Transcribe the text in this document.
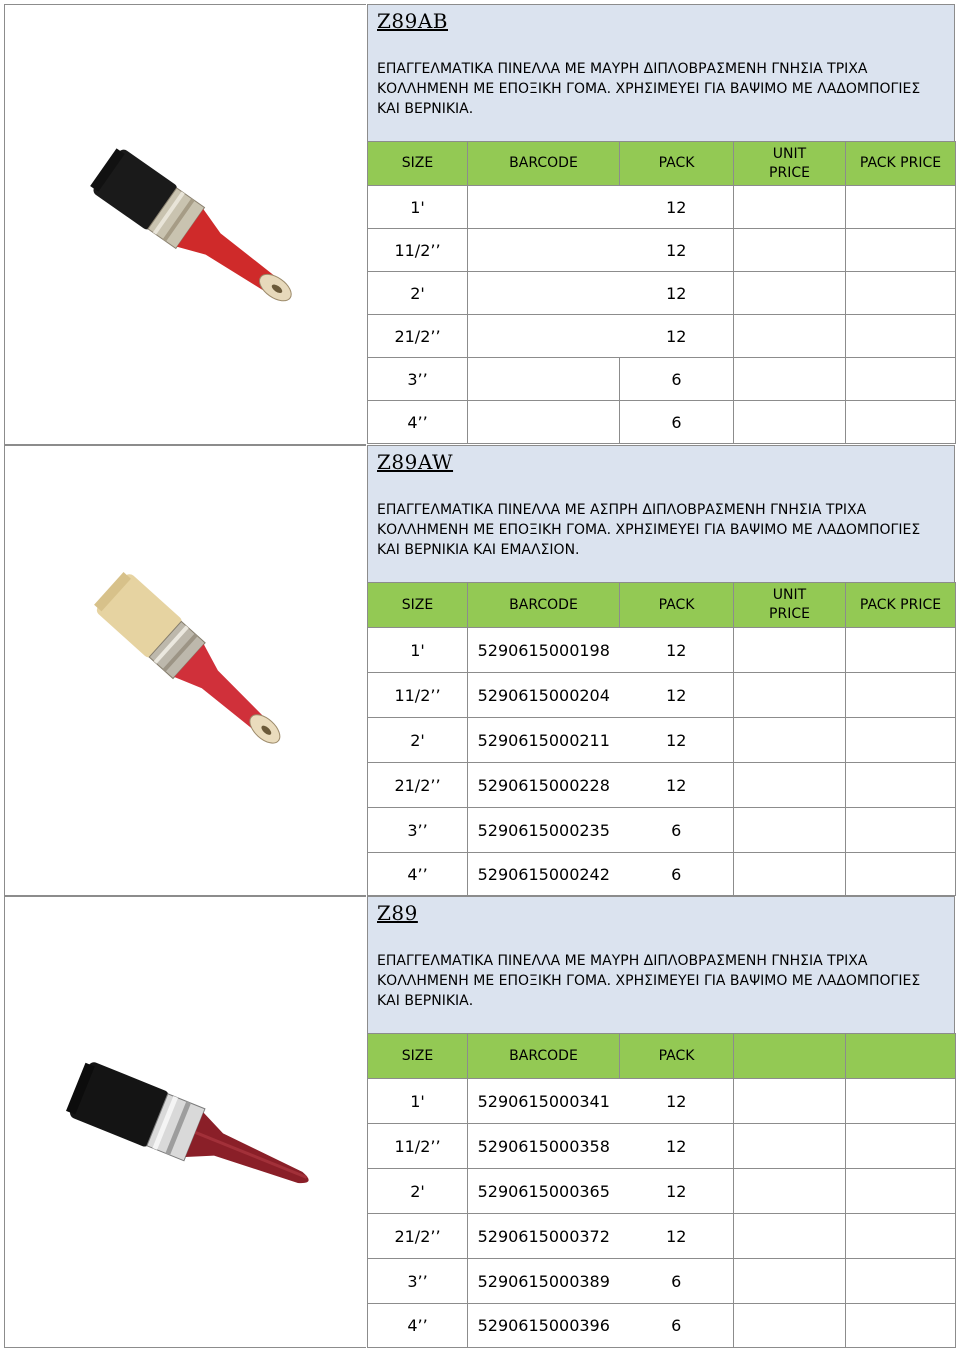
Z89AB
ΕΠΑΓΓΕΛΜΑΤΙΚΑ ΠΙΝΕΛΛΑ ΜΕ ΜΑΥΡΗ ΔΙΠΛΟΒΡΑΣΜΕΝΗ ΓΝΗΣΙΑ ΤΡΙΧΑ ΚΟΛΛΗΜΕΝΗ ΜΕ ΕΠΟΞΙΚΗ ΓΟΜΑ. ΧΡΗΣΙΜΕΥΕΙ ΓΙΑ ΒΑΨΙΜΟ ΜΕ ΛΑΔΟΜΠΟΓΙΕΣ ΚΑΙ ΒΕΡΝΙΚΙΑ.
SIZE	BARCODE	PACK	UNIT PRICE	PACK PRICE
1'		12		
11/2’’		12		
2'		12		
21/2’’		12		
3’’		6		
4’’		6		
Z89AW
ΕΠΑΓΓΕΛΜΑΤΙΚΑ ΠΙΝΕΛΛΑ ΜΕ ΑΣΠΡΗ ΔΙΠΛΟΒΡΑΣΜΕΝΗ ΓΝΗΣΙΑ ΤΡΙΧΑ ΚΟΛΛΗΜΕΝΗ ΜΕ ΕΠΟΞΙΚΗ ΓΟΜΑ. ΧΡΗΣΙΜΕΥΕΙ ΓΙΑ ΒΑΨΙΜΟ ΜΕ ΛΑΔΟΜΠΟΓΙΕΣ ΚΑΙ ΒΕΡΝΙΚΙΑ ΚΑΙ ΕΜΑΛΣΙΟΝ.
SIZE	BARCODE	PACK	UNIT PRICE	PACK PRICE
1'	5290615000198	12		
11/2’’	5290615000204	12		
2'	5290615000211	12		
21/2’’	5290615000228	12		
3’’	5290615000235	6		
4’’	5290615000242	6		
Z89
ΕΠΑΓΓΕΛΜΑΤΙΚΑ ΠΙΝΕΛΛΑ ΜΕ ΜΑΥΡΗ ΔΙΠΛΟΒΡΑΣΜΕΝΗ ΓΝΗΣΙΑ ΤΡΙΧΑ ΚΟΛΛΗΜΕΝΗ ΜΕ ΕΠΟΞΙΚΗ ΓΟΜΑ. ΧΡΗΣΙΜΕΥΕΙ ΓΙΑ ΒΑΨΙΜΟ ΜΕ ΛΑΔΟΜΠΟΓΙΕΣ ΚΑΙ ΒΕΡΝΙΚΙΑ.
SIZE	BARCODE	PACK		
1'	5290615000341	12		
11/2’’	5290615000358	12		
2'	5290615000365	12		
21/2’’	5290615000372	12		
3’’	5290615000389	6		
4’’	5290615000396	6		
